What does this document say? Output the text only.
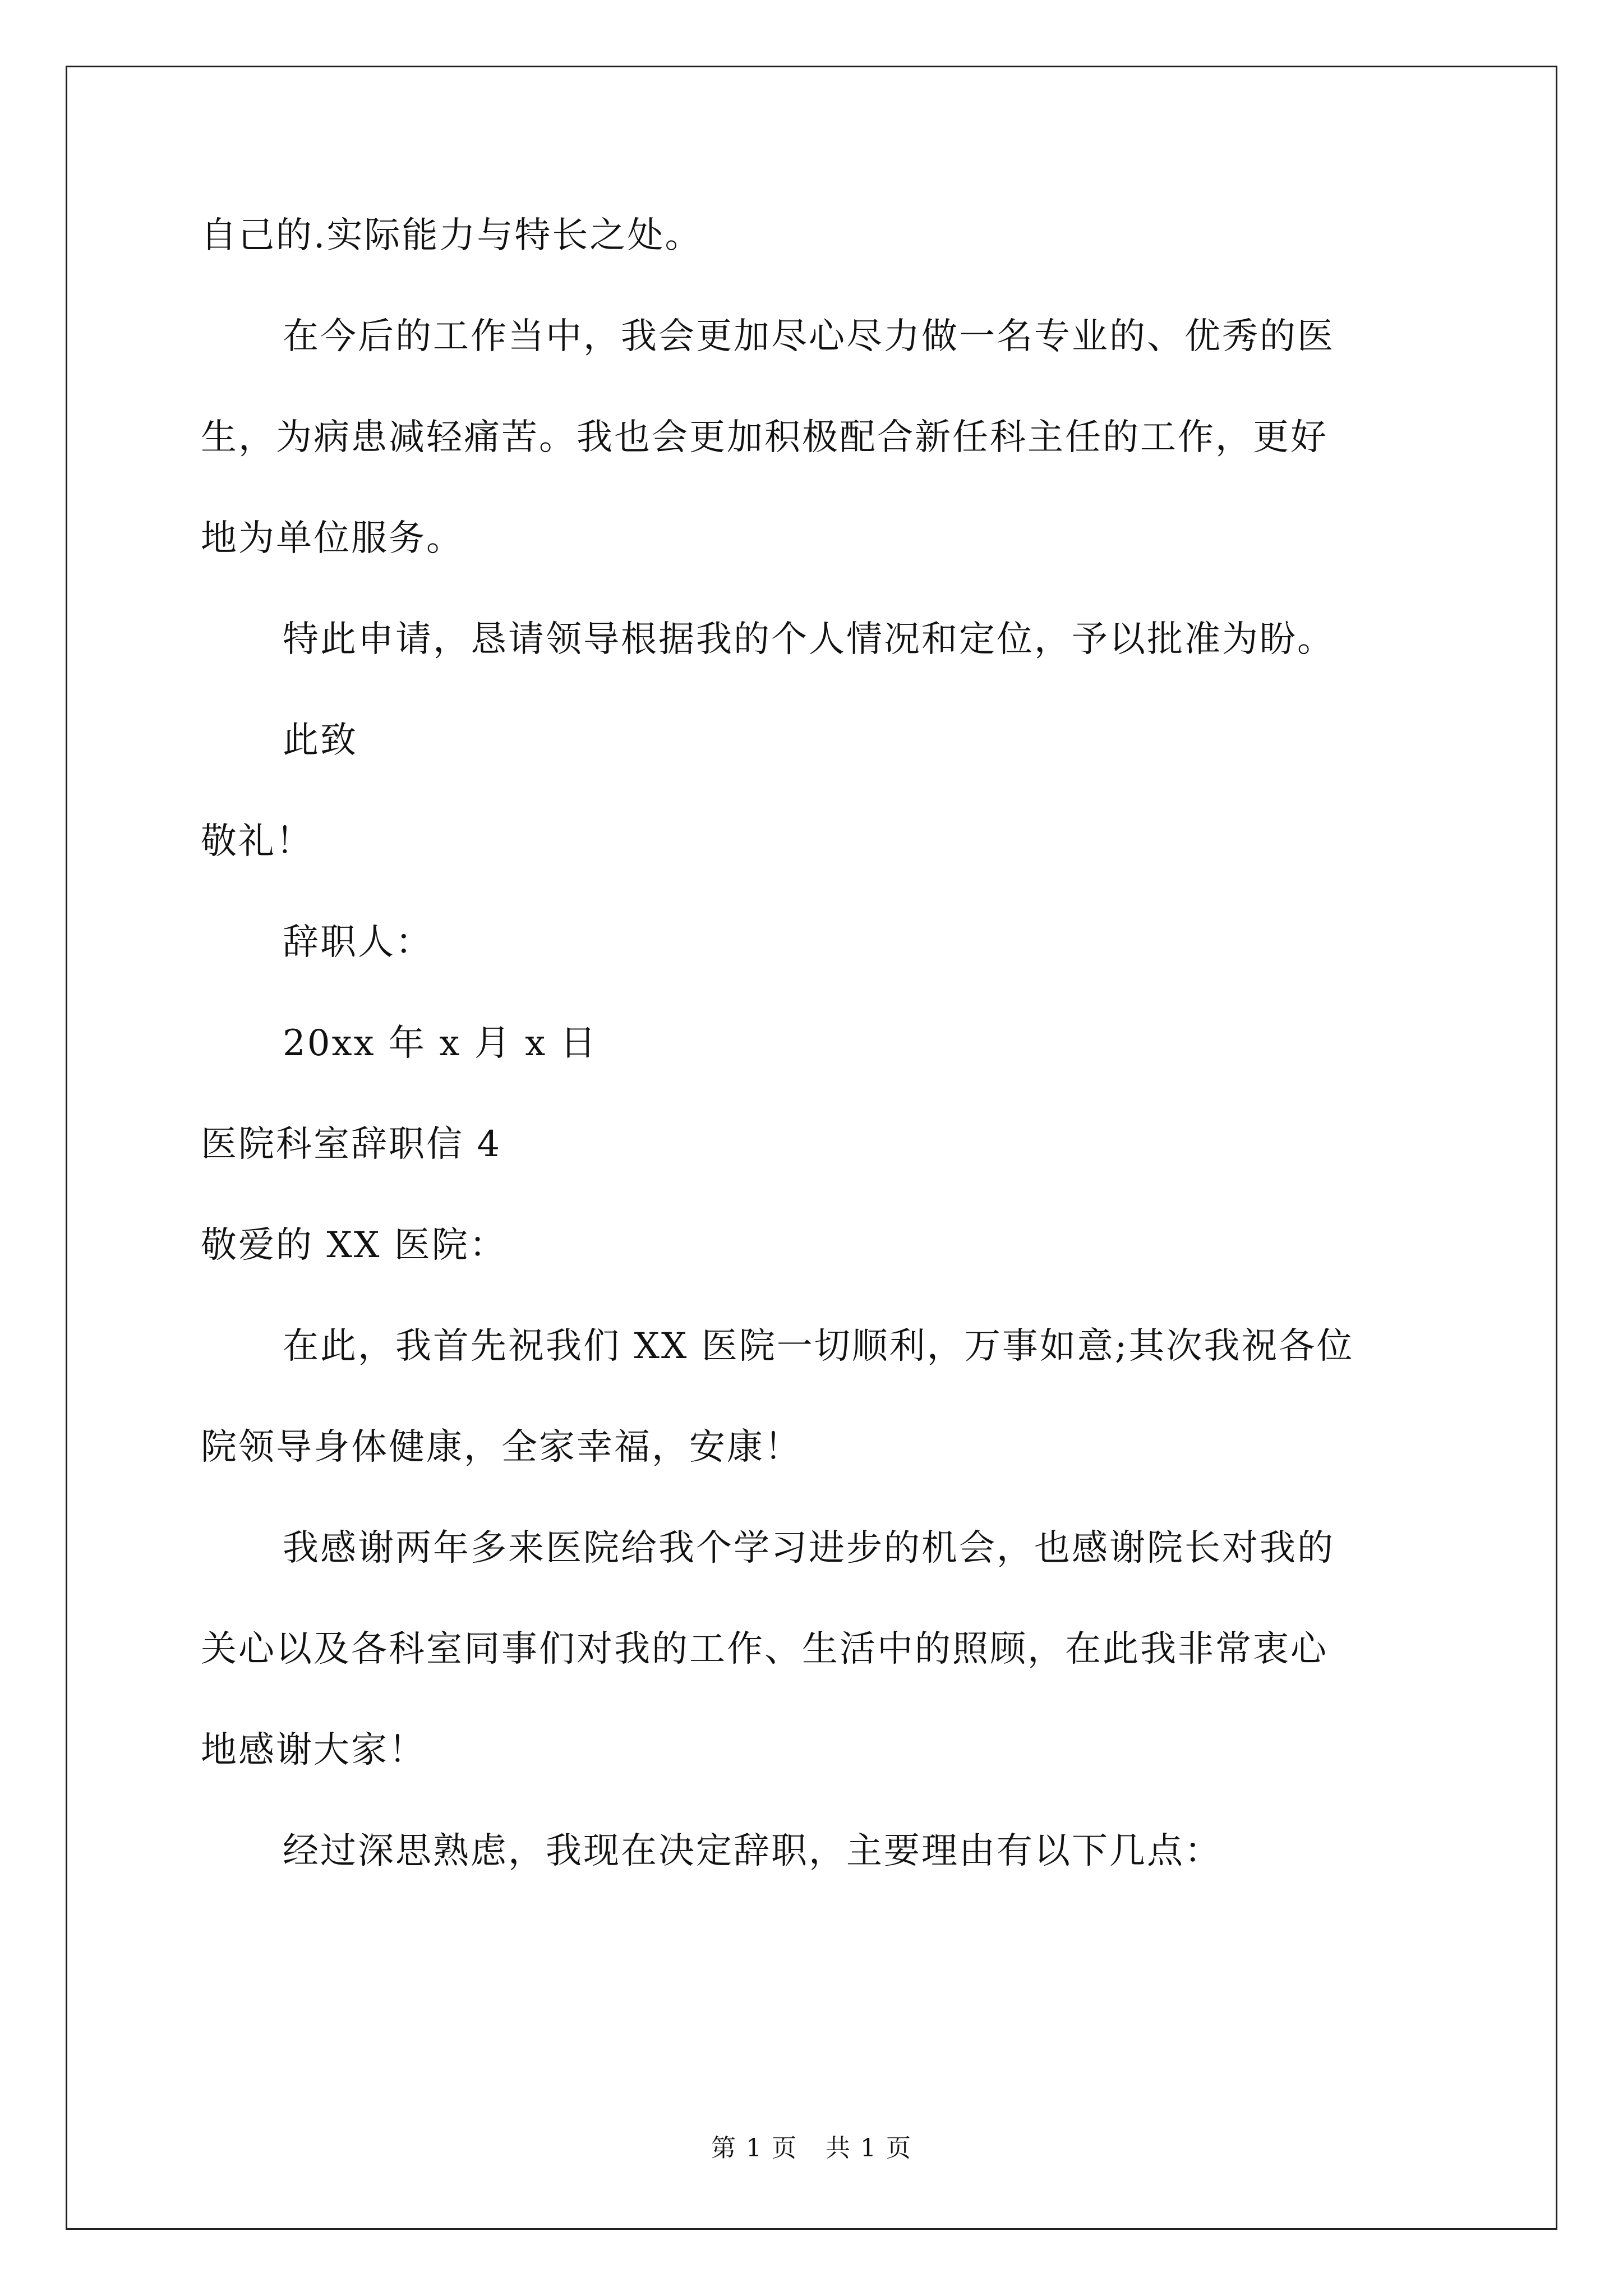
自己的.实际能力与特长之处。
在今后的工作当中，我会更加尽心尽力做一名专业的、优秀的医
生，为病患减轻痛苦。我也会更加积极配合新任科主任的工作，更好
地为单位服务。
特此申请，恳请领导根据我的个人情况和定位，予以批准为盼。
此致
敬礼！
辞职人：
20xx 年 x 月 x 日
医院科室辞职信 4
敬爱的 XX 医院：
在此，我首先祝我们 XX 医院一切顺利，万事如意;其次我祝各位
院领导身体健康，全家幸福，安康！
我感谢两年多来医院给我个学习进步的机会，也感谢院长对我的
关心以及各科室同事们对我的工作、生活中的照顾，在此我非常衷心
地感谢大家！
经过深思熟虑，我现在决定辞职，主要理由有以下几点：
第 1 页 共 1 页
